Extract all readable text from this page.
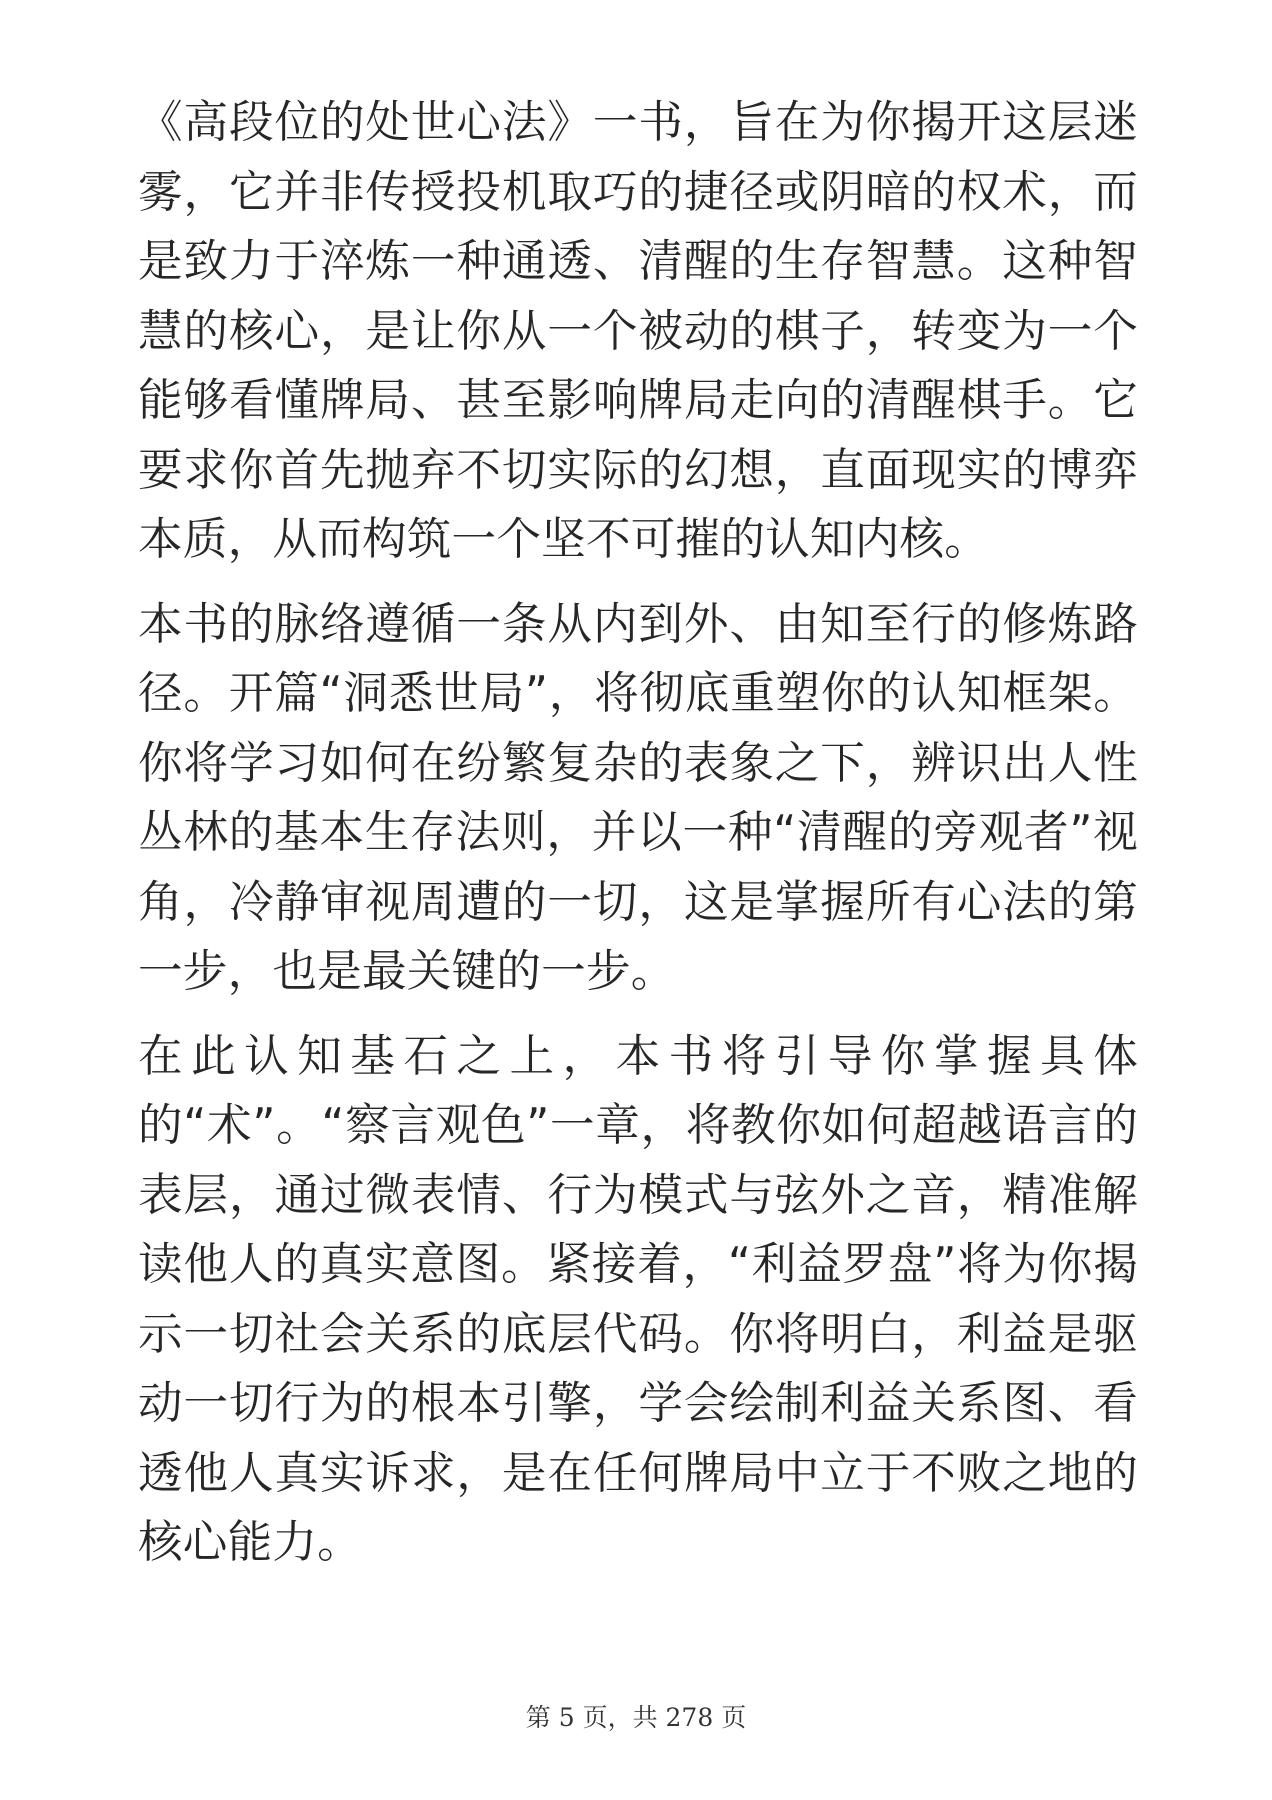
《高段位的处世心法》一书，旨在为你揭开这层迷雾，它并非传授投机取巧的捷径或阴暗的权术，而是致力于淬炼一种通透、清醒的生存智慧。这种智慧的核心，是让你从一个被动的棋子，转变为一个能够看懂牌局、甚至影响牌局走向的清醒棋手。它要求你首先抛弃不切实际的幻想，直面现实的博弈本质，从而构筑一个坚不可摧的认知内核。

本书的脉络遵循一条从内到外、由知至行的修炼路径。开篇“洞悉世局”，将彻底重塑你的认知框架。你将学习如何在纷繁复杂的表象之下，辨识出人性丛林的基本生存法则，并以一种“清醒的旁观者”视角，冷静审视周遭的一切，这是掌握所有心法的第一步，也是最关键的一步。

在此认知基石之上，本书将引导你掌握具体的“术”。“察言观色”一章，将教你如何超越语言的表层，通过微表情、行为模式与弦外之音，精准解读他人的真实意图。紧接着，“利益罗盘”将为你揭示一切社会关系的底层代码。你将明白，利益是驱动一切行为的根本引擎，学会绘制利益关系图、看透他人真实诉求，是在任何牌局中立于不败之地的核心能力。

第 5 页，共 278 页
